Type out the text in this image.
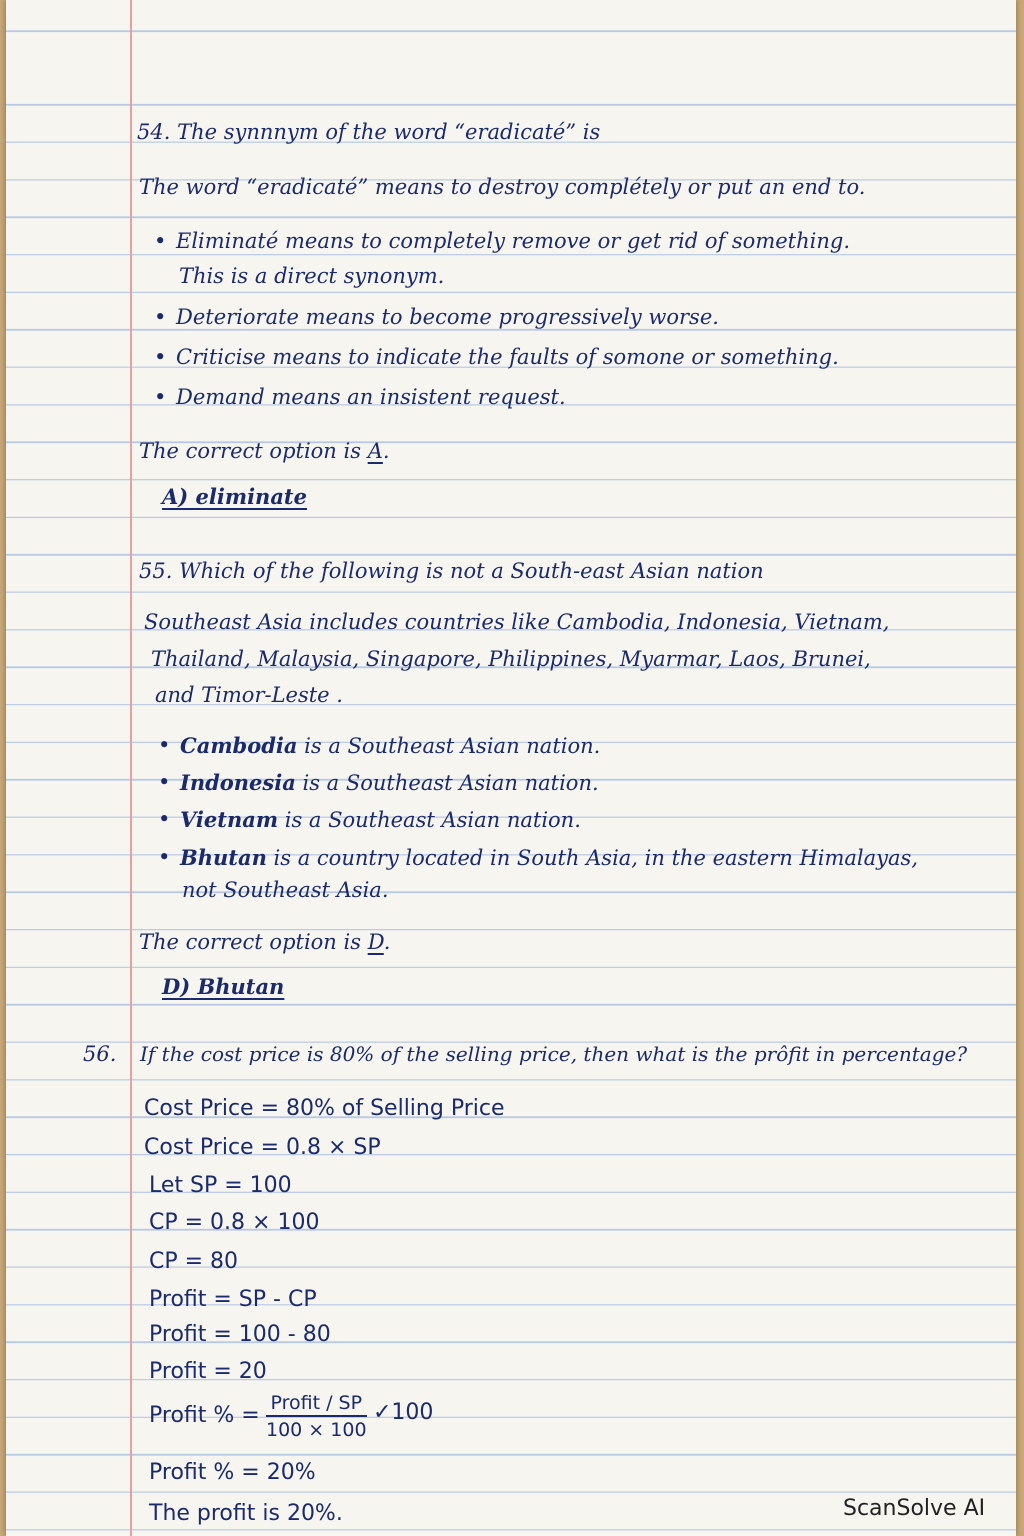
54. The synnnym of the word “eradicaté” is
The word “eradicaté” means to destroy complétely or put an end to.
• Eliminaté means to completely remove or get rid of something.
This is a direct synonym.
• Deteriorate means to become progressively worse.
• Criticise means to indicate the faults of somone or something.
• Demand means an insistent request.
The correct option is A.
A) eliminate
55. Which of the following is not a South-east Asian nation
Southeast Asia includes countries like Cambodia, Indonesia, Vietnam,
Thailand, Malaysia, Singapore, Philippines, Myarmar, Laos, Brunei,
and Timor-Leste .
• Cambodia is a Southeast Asian nation.
• Indonesia is a Southeast Asian nation.
• Vietnam is a Southeast Asian nation.
• Bhutan is a country located in South Asia, in the eastern Himalayas,
not Southeast Asia.
The correct option is D.
D) Bhutan
56. If the cost price is 80% of the selling price, then what is the prôfit in percentage?
Cost Price = 80% of Selling Price
Cost Price = 0.8 × SP
Let SP = 100
CP = 0.8 × 100
CP = 80
Profit = SP - CP
Profit = 100 - 80
Profit = 20
Profit % = Profit / SP
100 × 100
✓100
Profit % = 20%
The profit is 20%.	ScanSolve AI
